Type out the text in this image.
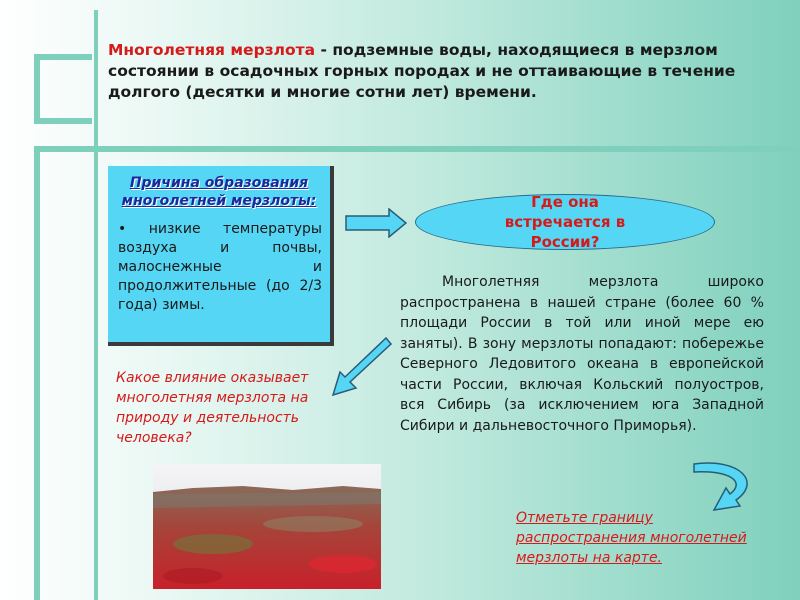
Многолетняя мерзлота - подземные воды, находящиеся в мерзлом состоянии в осадочных горных породах и не оттаивающие в течение долгого (десятки и многие сотни лет) времени.
Причина образования многолетней мерзлоты:
• низкие температуры воздуха и почвы, малоснежные и продолжительные (до 2/3 года) зимы.
Где она встречается в России?
Многолетняя мерзлота широко распространена в нашей стране (более 60 % площади России в той или иной мере ею заняты). В зону мерзлоты попадают: побережье Северного Ледовитого океана в европейской части России, включая Кольский полуостров, вся Сибирь (за исключением юга Западной Сибири и дальневосточного Приморья).
Какое влияние оказывает многолетняя мерзлота на природу и деятельность человека?
Отметьте границу распространения многолетней мерзлоты на карте.
